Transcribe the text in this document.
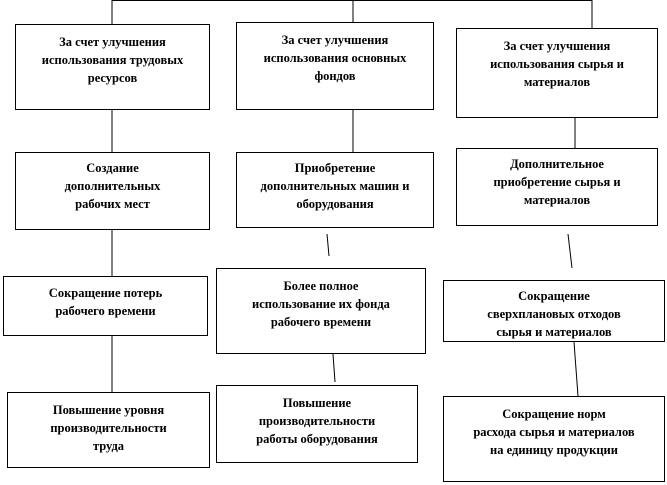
За счет улучшения
использования трудовых
ресурсов
Создание
дополнительных
рабочих мест
Сокращение потерь
рабочего времени
Повышение уровня
производительности
труда
За счет улучшения
использования основных
фондов
Приобретение
дополнительных машин и
оборудования
Более полное
использование их фонда
рабочего времени
Повышение
производительности
работы оборудования
За счет улучшения
использования сырья и
материалов
Дополнительное
приобретение сырья и
материалов
Сокращение
сверхплановых отходов
сырья и материалов
Сокращение норм
расхода сырья и материалов
на единицу продукции
